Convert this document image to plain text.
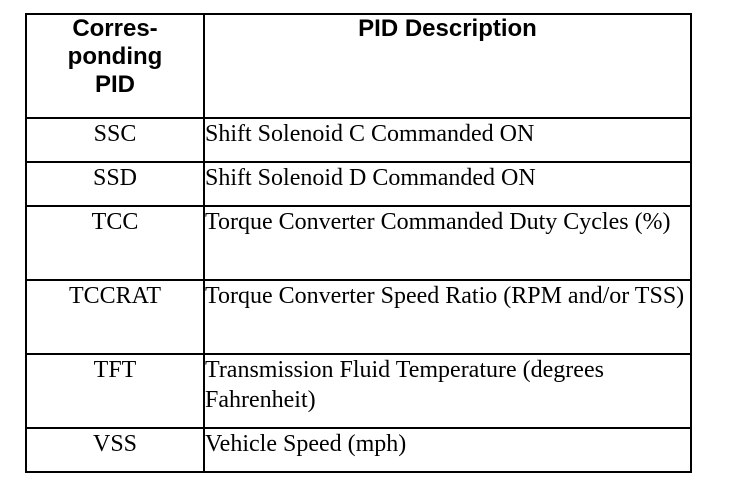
Corres-
ponding
PID	PID Description
SSC	Shift Solenoid C Commanded ON
SSD	Shift Solenoid D Commanded ON
TCC	Torque Converter Commanded Duty Cycles (%)
TCCRAT	Torque Converter Speed Ratio (RPM and/or TSS)
TFT	Transmission Fluid Temperature (degrees Fahrenheit)
VSS	Vehicle Speed (mph)
